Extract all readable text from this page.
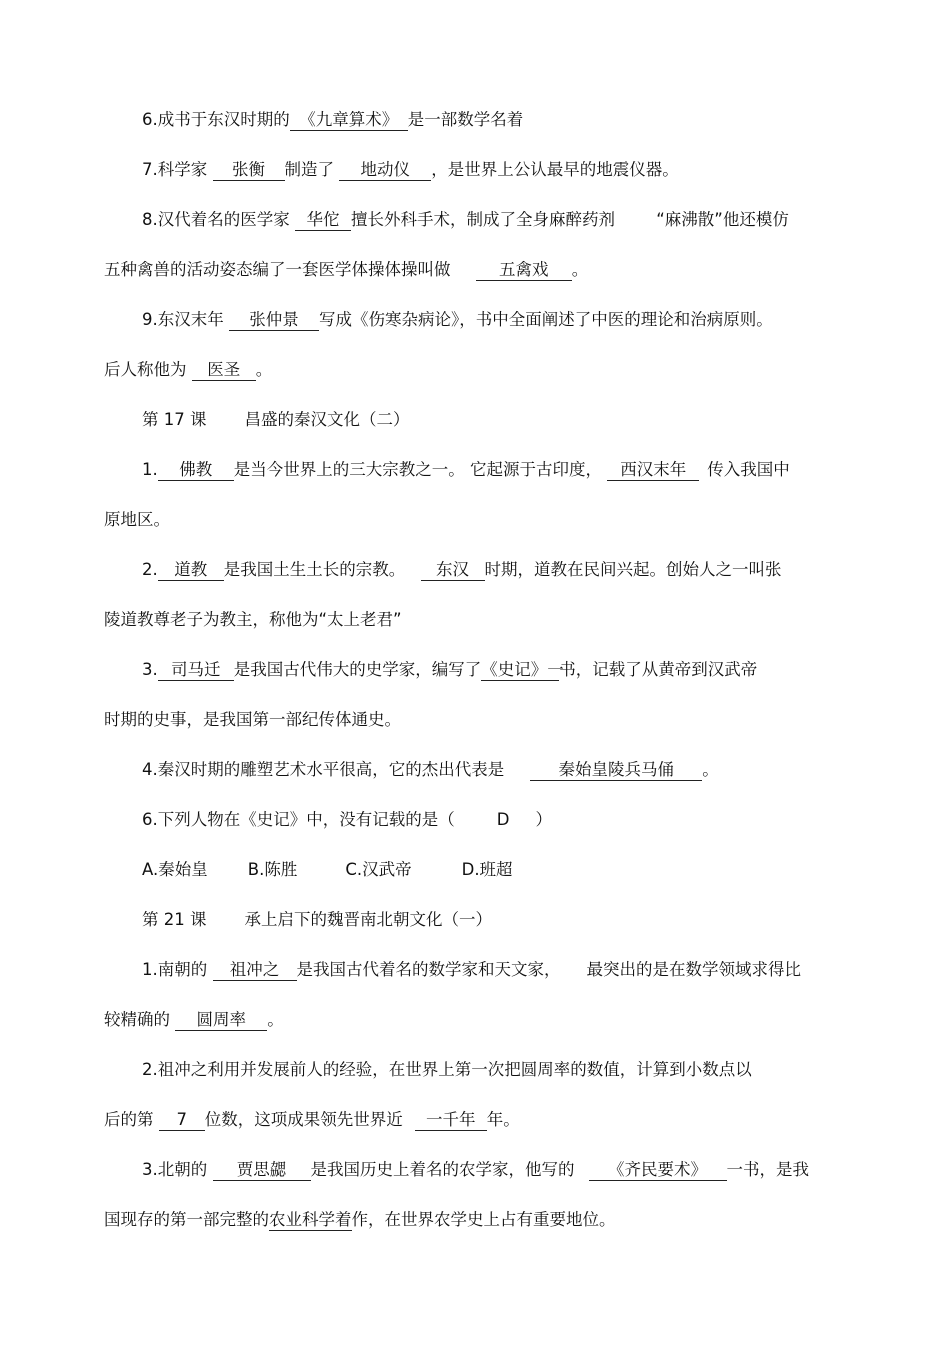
6.成书于东汉时期的 《九章算术》 是一部数学名着
7.科学家 张衡 制造了 地动仪 ，是世界上公认最早的地震仪器。
8.汉代着名的医学家 华佗 擅长外科手术，制成了全身麻醉药剂	“麻沸散”他还模仿
五种禽兽的活动姿态编了一套医学体操体操叫做	五禽戏 。
9.东汉末年 张仲景 写成《伤寒杂病论》，书中全面阐述了中医的理论和治病原则。
后人称他为 医圣 。
第 17 课 昌盛的秦汉文化（二）
1. 佛教 是当今世界上的三大宗教之一。 它起源于古印度， 西汉末年 传入我国中
原地区。
2. 道教 是我国土生土长的宗教。 东汉 时期，道教在民间兴起。创始人之一叫张
陵道教尊老子为教主，称他为“太上老君”
3. 司马迁 是我国古代伟大的史学家，编写了《史记》一书，记载了从黄帝到汉武帝
时期的史事，是我国第一部纪传体通史。
4.秦汉时期的雕塑艺术水平很高，它的杰出代表是	秦始皇陵兵马俑 。
6.下列人物在《史记》中，没有记载的是（	D ）
A.秦始皇 B.陈胜	C.汉武帝	D.班超
第 21 课 承上启下的魏晋南北朝文化（一）
1.南朝的 祖冲之 是我国古代着名的数学家和天文家， 最突出的是在数学领域求得比
较精确的 圆周率 。
2.祖冲之利用并发展前人的经验，在世界上第一次把圆周率的数值，计算到小数点以
后的第 7 位数，这项成果领先世界近 一千年 年。
3.北朝的 贾思勰 是我国历史上着名的农学家，他写的 《齐民要术》 一书，是我
国现存的第一部完整的农业科学着作，在世界农学史上占有重要地位。
